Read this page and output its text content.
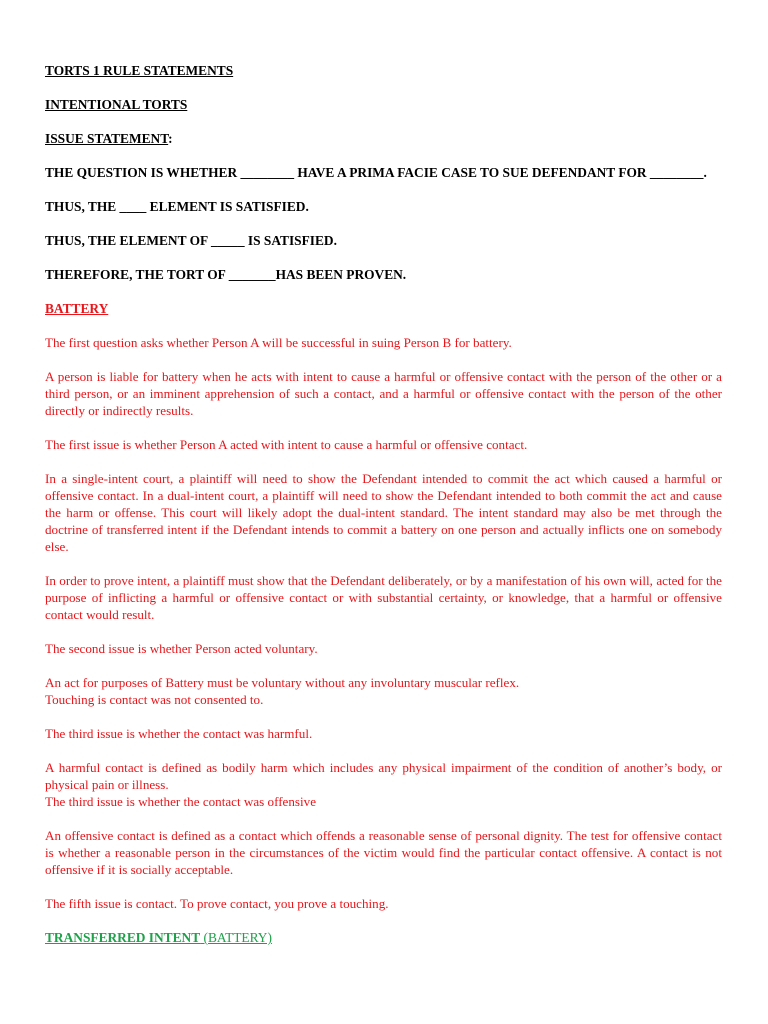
TORTS 1 RULE STATEMENTS
INTENTIONAL TORTS
ISSUE STATEMENT:
THE QUESTION IS WHETHER ________ HAVE A PRIMA FACIE CASE TO SUE DEFENDANT FOR ________.
THUS, THE ____ ELEMENT IS SATISFIED.
THUS, THE ELEMENT OF _____ IS SATISFIED.
THEREFORE, THE TORT OF _______HAS BEEN PROVEN.
BATTERY

The first question asks whether Person A will be successful in suing Person B for battery.

A person is liable for battery when he acts with intent to cause a harmful or offensive contact with the person of the other or a third person, or an imminent apprehension of such a contact, and a harmful or offensive contact with the person of the other directly or indirectly results.

The first issue is whether Person A acted with intent to cause a harmful or offensive contact.

In a single-intent court, a plaintiff will need to show the Defendant intended to commit the act which caused a harmful or offensive contact. In a dual-intent court, a plaintiff will need to show the Defendant intended to both commit the act and cause the harm or offense. This court will likely adopt the dual-intent standard. The intent standard may also be met through the doctrine of transferred intent if the Defendant intends to commit a battery on one person and actually inflicts one on somebody else.

In order to prove intent, a plaintiff must show that the Defendant deliberately, or by a manifestation of his own will, acted for the purpose of inflicting a harmful or offensive contact or with substantial certainty, or knowledge, that a harmful or offensive contact would result.

The second issue is whether Person acted voluntary.

An act for purposes of Battery must be voluntary without any involuntary muscular reflex.

Touching is contact was not consented to.

The third issue is whether the contact was harmful.

A harmful contact is defined as bodily harm which includes any physical impairment of the condition of another’s body, or physical pain or illness.

The third issue is whether the contact was offensive

An offensive contact is defined as a contact which offends a reasonable sense of personal dignity. The test for offensive contact is whether a reasonable person in the circumstances of the victim would find the particular contact offensive. A contact is not offensive if it is socially acceptable.

The fifth issue is contact. To prove contact, you prove a touching.

TRANSFERRED INTENT (BATTERY)
